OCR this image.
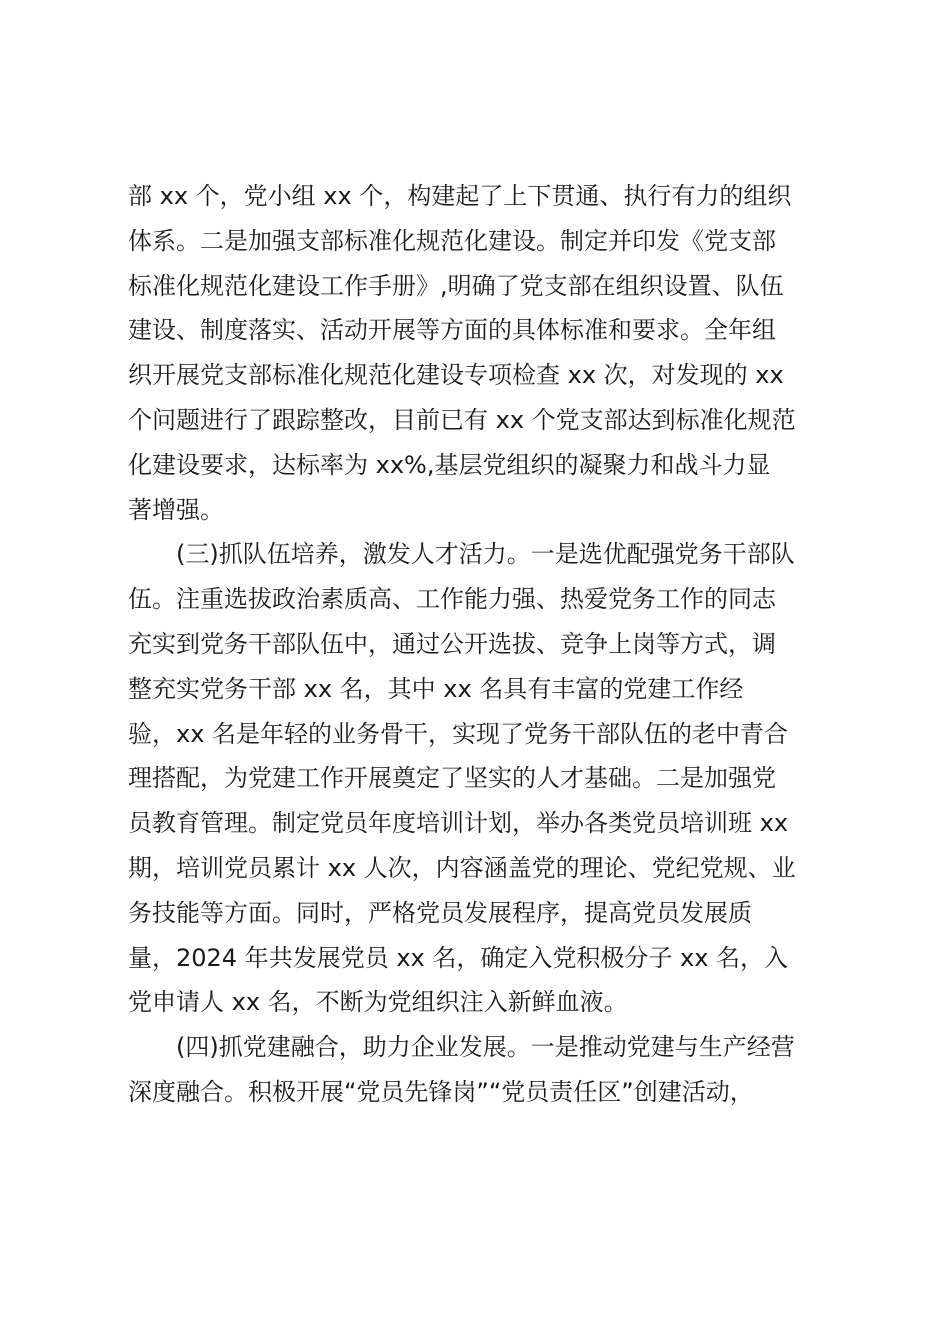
部 xx 个，党小组 xx 个，构建起了上下贯通、执行有力的组织
体系。二是加强支部标准化规范化建设。制定并印发《党支部
标准化规范化建设工作手册》,明确了党支部在组织设置、队伍
建设、制度落实、活动开展等方面的具体标准和要求。全年组
织开展党支部标准化规范化建设专项检查 xx 次，对发现的 xx
个问题进行了跟踪整改，目前已有 xx 个党支部达到标准化规范
化建设要求，达标率为 xx%,基层党组织的凝聚力和战斗力显
著增强。
　　(三)抓队伍培养，激发人才活力。一是选优配强党务干部队
伍。注重选拔政治素质高、工作能力强、热爱党务工作的同志
充实到党务干部队伍中，通过公开选拔、竞争上岗等方式，调
整充实党务干部 xx 名，其中 xx 名具有丰富的党建工作经
验，xx 名是年轻的业务骨干，实现了党务干部队伍的老中青合
理搭配，为党建工作开展奠定了坚实的人才基础。二是加强党
员教育管理。制定党员年度培训计划，举办各类党员培训班 xx
期，培训党员累计 xx 人次，内容涵盖党的理论、党纪党规、业
务技能等方面。同时，严格党员发展程序，提高党员发展质
量，2024 年共发展党员 xx 名，确定入党积极分子 xx 名，入
党申请人 xx 名，不断为党组织注入新鲜血液。
　　(四)抓党建融合，助力企业发展。一是推动党建与生产经营
深度融合。积极开展“党员先锋岗”“党员责任区”创建活动，
